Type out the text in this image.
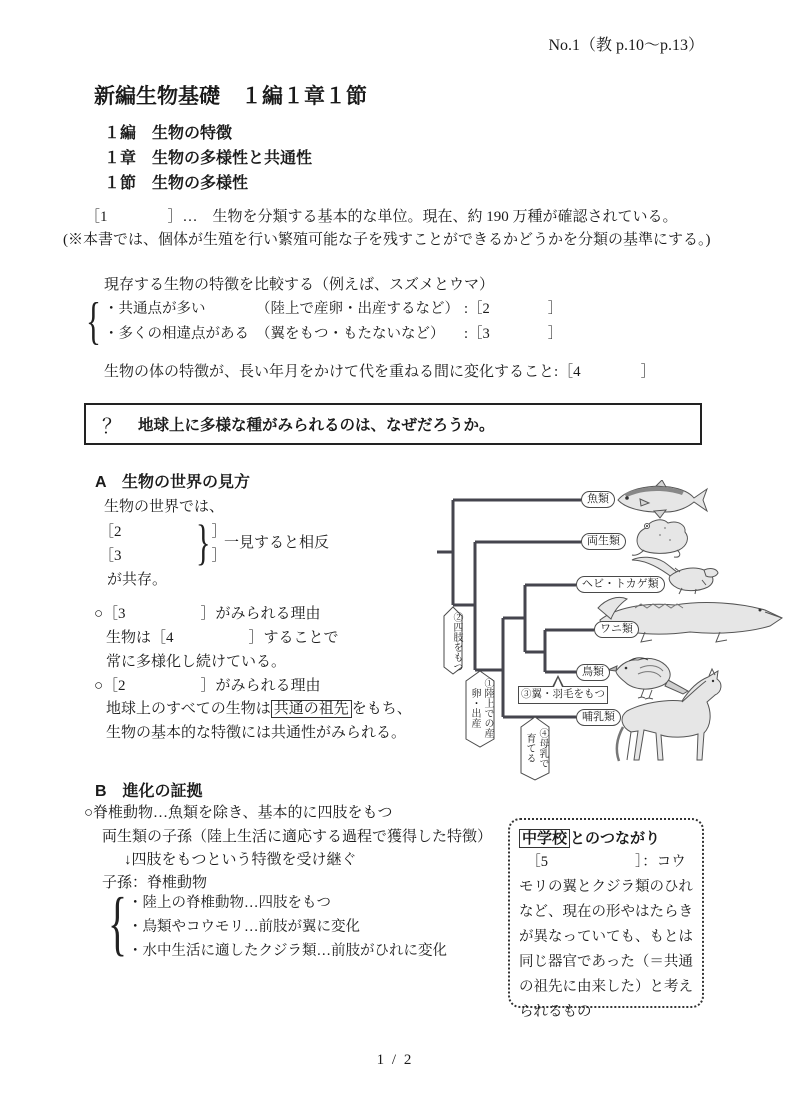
No.1（教 p.10～p.13）
新編生物基礎　１編１章１節
１編　生物の特徴
１章　生物の多様性と共通性
１節　生物の多様性
［1　　　　］…　生物を分類する基本的な単位。現在、約 190 万種が確認されている。
(※本書では、個体が生殖を行い繁殖可能な子を残すことができるかどうかを分類の基準にする。)
現存する生物の特徴を比較する（例えば、スズメとウマ）
{ ・共通点が多い	（陸上で産卵・出産するなど） :［2　　　　］
・多くの相違点がある （翼をもつ・もたないなど）	:［3　　　　］
生物の体の特徴が、長い年月をかけて代を重ねる間に変化すること:［4　　　　］
？ 地球上に多様な種がみられるのは、なぜだろうか。
A　生物の世界の見方
生物の世界では、
［2　　　　　　］
［3　　　　　　］
} 一見すると相反
が共存。
○［3　　　　　］がみられる理由
生物は［4　　　　　］することで
常に多様化し続けている。
○［2　　　　　］がみられる理由
地球上のすべての生物は 共通の祖先 をもち、
生物の基本的な特徴には共通性がみられる。
魚類
両生類
ヘビ・トカゲ類
ワニ類
鳥類
哺乳類
②四肢をもつ
①陸上での産卵・出産
④母乳で育てる
③翼・羽毛をもつ
B　進化の証拠
○脊椎動物…魚類を除き、基本的に四肢をもつ
両生類の子孫（陸上生活に適応する過程で獲得した特徴）
↓四肢をもつという特徴を受け継ぐ
子孫：脊椎動物
{ ・陸上の脊椎動物…四肢をもつ
・鳥類やコウモリ…前肢が翼に変化
・水中生活に適したクジラ類…前肢がひれに変化
中学校 とのつながり
　［5　　　　　　］：コウモリの翼とクジラ類のひれなど、現在の形やはたらきが異なっていても、もとは同じ器官であった（＝共通の祖先に由来した）と考えられるもの
1 / 2
